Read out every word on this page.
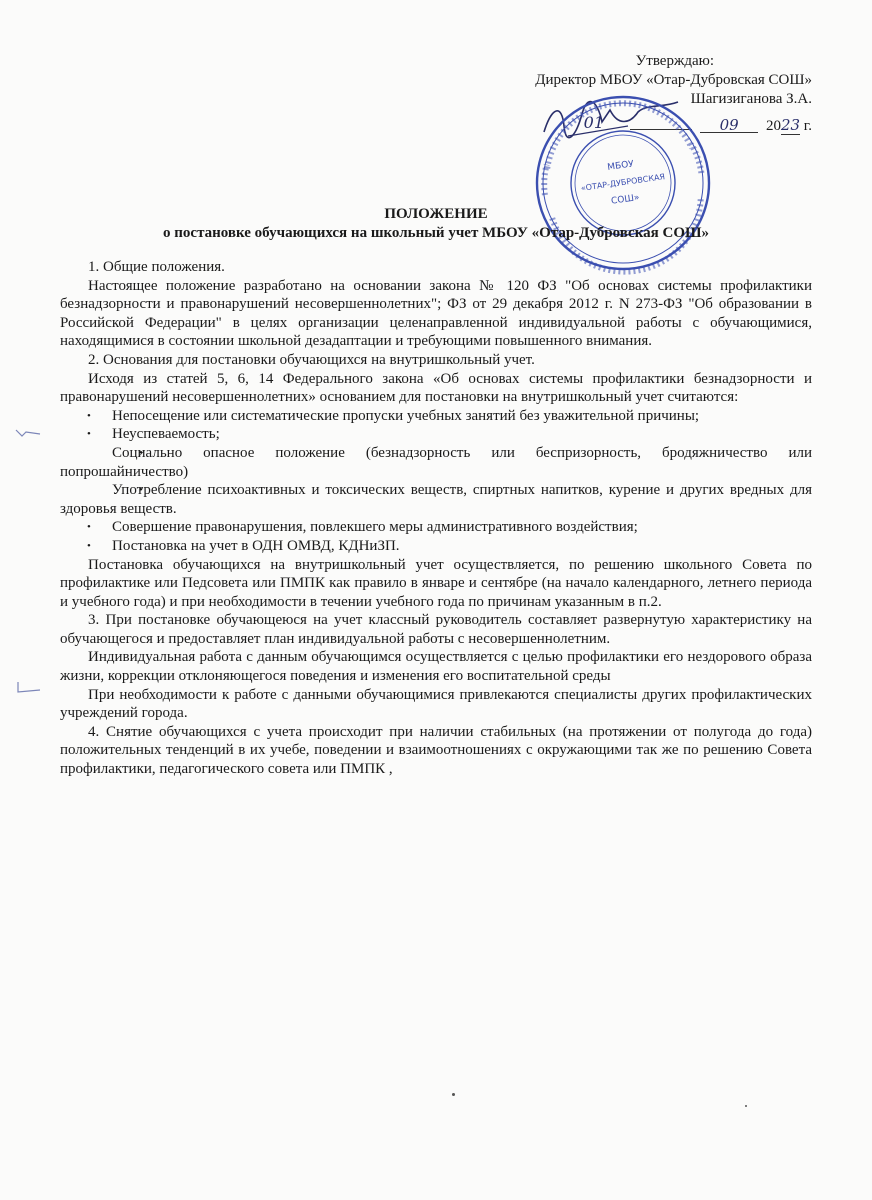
Утверждаю:
Директор МБОУ «Отар-Дубровская СОШ»
Шагизиганова З.А.
01	09 2023 г.
МБОУ
«ОТАР-ДУБРОВСКАЯ
СОШ»
ПОЛОЖЕНИЕ
о постановке обучающихся на школьный учет МБОУ «Отар-Дубровская СОШ»

1. Общие положения.

Настоящее положение разработано на основании закона № 120 ФЗ "Об основах системы профилактики безнадзорности и правонарушений несовершеннолетних"; ФЗ от 29 декабря 2012 г. N 273-ФЗ "Об образовании в Российской Федерации" в целях организации целенаправленной индивидуальной работы с обучающимися, находящимися в состоянии школьной дезадаптации и требующими повышенного внимания.

2. Основания для постановки обучающихся на внутришкольный учет.

Исходя из статей 5, 6, 14 Федерального закона «Об основах системы профилактики безнадзорности и правонарушений несовершеннолетних» основанием для постановки на внутришкольный учет считаются:

• Непосещение или систематические пропуски учебных занятий без уважительной причины;

• Неуспеваемость;

• Социально опасное положение (безнадзорность или беспризорность, бродяжничество или попрошайничество)

• Употребление психоактивных и токсических веществ, спиртных напитков, курение и других вредных для здоровья веществ.

• Совершение правонарушения, повлекшего меры административного воздействия;

• Постановка на учет в ОДН ОМВД, КДНиЗП.

Постановка обучающихся на внутришкольный учет осуществляется, по решению школьного Совета по профилактике или Педсовета или ПМПК как правило в январе и сентябре (на начало календарного, летнего периода и учебного года) и при необходимости в течении учебного года по причинам указанным в п.2.

3. При постановке обучающеюся на учет классный руководитель составляет развернутую характеристику на обучающегося и предоставляет план индивидуальной работы с несовершеннолетним.

Индивидуальная работа с данным обучающимся осуществляется с целью профилактики его нездорового образа жизни, коррекции отклоняющегося поведения и изменения его воспитательной среды

При необходимости к работе с данными обучающимися привлекаются специалисты других профилактических учреждений города.

4. Снятие обучающихся с учета происходит при наличии стабильных (на протяжении от полугода до года) положительных тенденций в их учебе, поведении и взаимоотношениях с окружающими так же по решению Совета профилактики, педагогического совета или ПМПК ,
